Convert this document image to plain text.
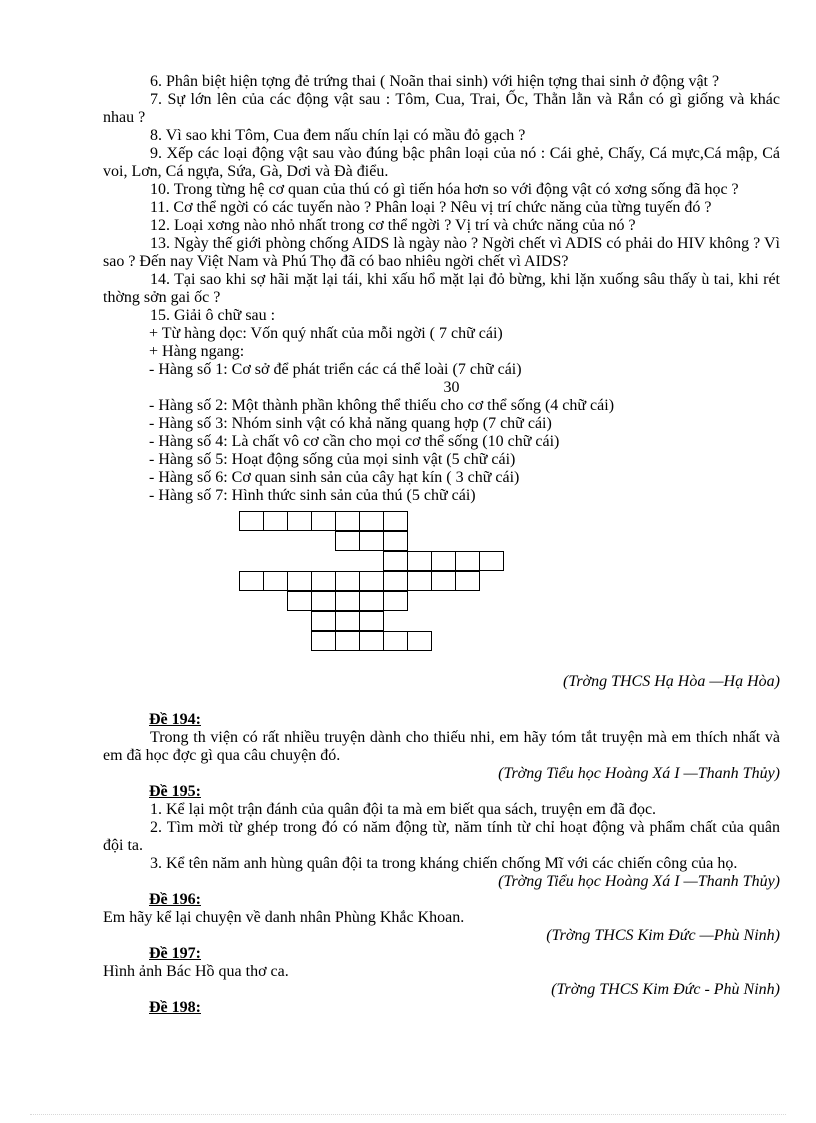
6. Phân biệt hiện tợng đẻ trứng thai ( Noãn thai sinh) với hiện tợng thai sinh ở động vật ?

7. Sự lớn lên của các động vật sau : Tôm, Cua, Trai, Ốc, Thằn lằn và Rắn có gì giống và khác nhau ?

8. Vì sao khi Tôm, Cua đem nấu chín lại có mầu đỏ gạch ?

9. Xếp các loại động vật sau vào đúng bậc phân loại của nó : Cái ghẻ, Chấy, Cá mực,Cá mập, Cá voi, Lơn, Cá ngựa, Sứa, Gà, Dơi và Đà điểu.

10. Trong từng hệ cơ quan của thú có gì tiến hóa hơn so với động vật có xơng sống đã học ?

11. Cơ thể ngời có các tuyến nào ? Phân loại ? Nêu vị trí chức năng của từng tuyến đó ?

12. Loại xơng nào nhỏ nhất trong cơ thể ngời ? Vị trí và chức năng của nó ?

13. Ngày thế giới phòng chống AIDS là ngày nào ? Ngời chết vì ADIS có phải do HIV không ? Vì sao ? Đến nay Việt Nam và Phú Thọ đã có bao nhiêu ngời chết vì AIDS?

14. Tại sao khi sợ hãi mặt lại tái, khi xấu hổ mặt lại đỏ bừng, khi lặn xuống sâu thấy ù tai, khi rét thờng sởn gai ốc ?

15. Giải ô chữ sau :

+ Từ hàng dọc: Vốn quý nhất của mỗi ngời ( 7 chữ cái)

+ Hàng ngang:

- Hàng số 1: Cơ sở để phát triển các cá thể loài (7 chữ cái)

30

- Hàng số 2: Một thành phần không thể thiếu cho cơ thể sống (4 chữ cái)

- Hàng số 3: Nhóm sinh vật có khả năng quang hợp (7 chữ cái)

- Hàng số 4: Là chất vô cơ cần cho mọi cơ thể sống (10 chữ cái)

- Hàng số 5: Hoạt động sống của mọi sinh vật (5 chữ cái)

- Hàng số 6: Cơ quan sinh sản của cây hạt kín ( 3 chữ cái)

- Hàng số 7: Hình thức sinh sản của thú (5 chữ cái)

(Trờng THCS Hạ Hòa —Hạ Hòa)

Đề 194:

Trong th viện có rất nhiều truyện dành cho thiếu nhi, em hãy tóm tắt truyện mà em thích nhất và em đã học đợc gì qua câu chuyện đó.

(Trờng Tiểu học Hoàng Xá I —Thanh Thủy)

Đề 195:

1. Kể lại một trận đánh của quân đội ta mà em biết qua sách, truyện em đã đọc.

2. Tìm mời từ ghép trong đó có năm động từ, năm tính từ chỉ hoạt động và phẩm chất của quân đội ta.

3. Kể tên năm anh hùng quân đội ta trong kháng chiến chống Mĩ với các chiến công của họ.

(Trờng Tiểu học Hoàng Xá I —Thanh Thủy)

Đề 196:

Em hãy kể lại chuyện về danh nhân Phùng Khắc Khoan.

(Trờng THCS Kim Đức —Phù Ninh)

Đề 197:

Hình ảnh Bác Hồ qua thơ ca.

(Trờng THCS Kim Đức - Phù Ninh)

Đề 198:
